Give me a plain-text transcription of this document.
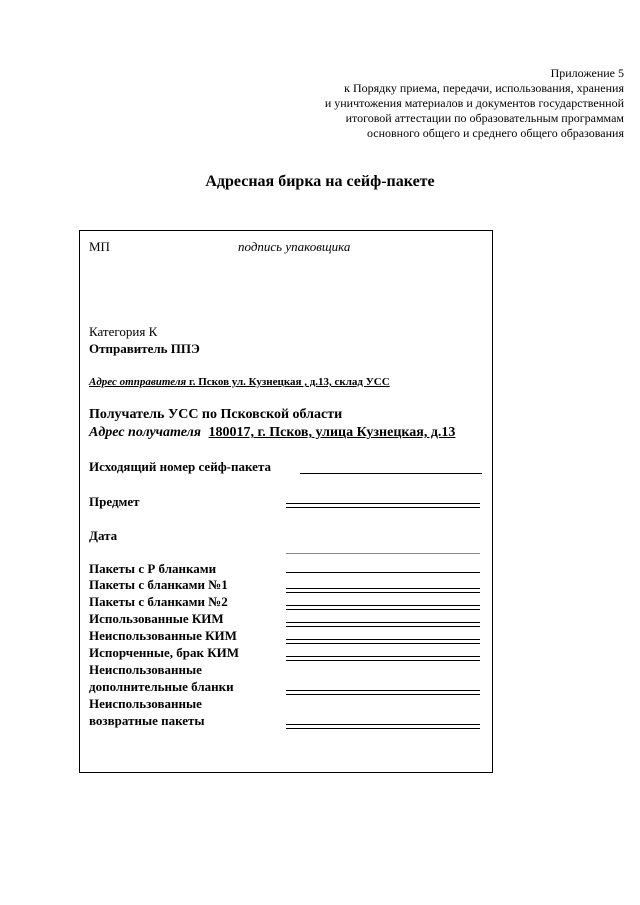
Приложение 5
к Порядку приема, передачи, использования, хранения
и уничтожения материалов и документов государственной
итоговой аттестации по образовательным программам
основного общего и среднего общего образования
Адресная бирка на сейф-пакете
МП	подпись упаковщика
Категория К
Отправитель ППЭ
Адрес отправителя г. Псков ул. Кузнецкая , д.13, склад УСС
Получатель УСС по Псковской области
Адрес получателя 180017, г. Псков, улица Кузнецкая, д.13
Исходящий номер сейф-пакета
Предмет
Дата
Пакеты с Р бланками
Пакеты с бланками №1
Пакеты с бланками №2
Использованные КИМ
Неиспользованные КИМ
Испорченные, брак КИМ
Неиспользованные
дополнительные бланки
Неиспользованные
возвратные пакеты
